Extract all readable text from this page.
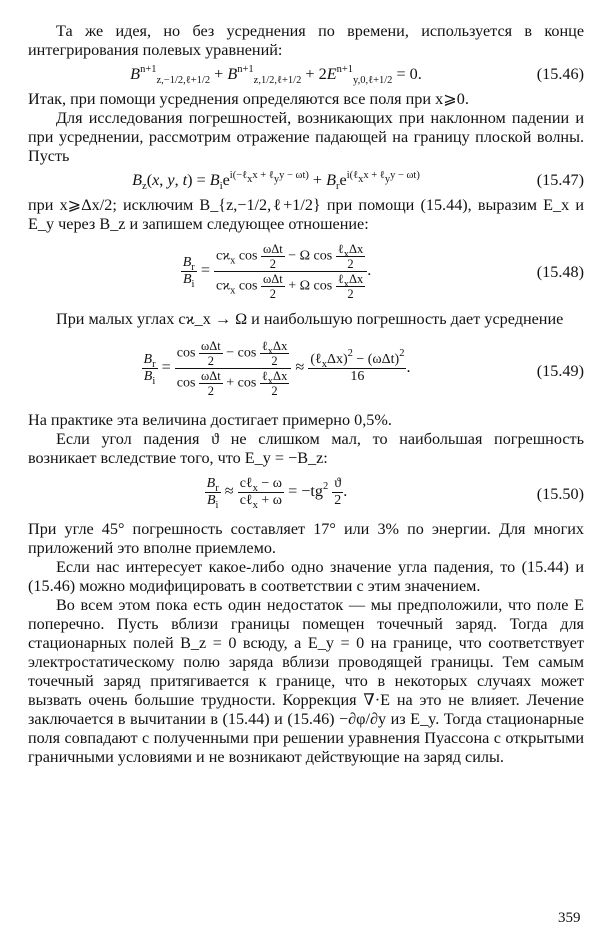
Та же идея, но без усреднения по времени, используется в конце интегрирования полевых уравнений:

$B^{n+1}_{z,-1/2,\ell+1/2} + B^{n+1}_{z,1/2,\ell+1/2} + 2E^{n+1}_{y,0,\ell+1/2} = 0$.	(15.46)

Итак, при помощи усреднения определяются все поля при x⩾0.

Для исследования погрешностей, возникающих при наклонном падении и при усреднении, рассмотрим отражение падающей на границу плоской волны. Пусть

$B_z(x$, y, $t) = B_ie^{i(-\ell_xx + \ell_yy - \omega t)} + B_re^{i(\ell_xx + \ell_yy - \omega t)}$	(15.47)

при x⩾Δx/2; исключим B_{z,−1/2,ℓ+1/2} при помощи (15.44), выразим E_x и E_y через B_z и запишем следующее отношение:

$\frac{B_r}{B_i} = \frac{cϰ_x \cos \frac{\text{ωΔt}}{2} - \Omega \cos \frac{\ell_x\Delta x}{2}}{cϰ_x \cos \frac{\text{ωΔt}}{2} + \Omega \cos \frac{\ell_x\Delta x}{2}}$ .	(15.48)

При малых углах cϰ_x → Ω и наибольшую погрешность дает усреднение

$\frac{B_r}{B_i} = \frac{\cos \frac{\text{ωΔt}}{2} - \cos \frac{\ell_x\Delta x}{2}}{\cos \frac{\text{ωΔt}}{2} + \cos \frac{\ell_x\Delta x}{2}} \approx \frac{(\ell_x\Delta x)^2 - (\omega\Delta t)^2}{16}$ .	(15.49)

На практике эта величина достигает примерно 0,5%.

Если угол падения ϑ не слишком мал, то наибольшая погрешность возникает вследствие того, что E_y = −B_z:

$\frac{B_r}{B_i} \approx \frac{c\ell_x - \omega}{c\ell_x + \omega} = -tg^2 \frac{ϑ}{2}$ .	(15.50)

При угле 45° погрешность составляет 17° или 3% по энергии. Для многих приложений это вполне приемлемо.

Если нас интересует какое-либо одно значение угла падения, то (15.44) и (15.46) можно модифицировать в соответствии с этим значением.

Во всем этом пока есть один недостаток — мы предположили, что поле E поперечно. Пусть вблизи границы помещен точечный заряд. Тогда для стационарных полей B_z = 0 всюду, а E_y = 0 на границе, что соответствует электростатическому полю заряда вблизи проводящей границы. Тем самым точечный заряд притягивается к границе, что в некоторых случаях может вызвать очень большие трудности. Коррекция ∇·E на это не влияет. Лечение заключается в вычитании в (15.44) и (15.46) −∂φ/∂y из E_y. Тогда стационарные поля совпадают с полученными при решении уравнения Пуассона с открытыми граничными условиями и не возникают действующие на заряд силы.

359
